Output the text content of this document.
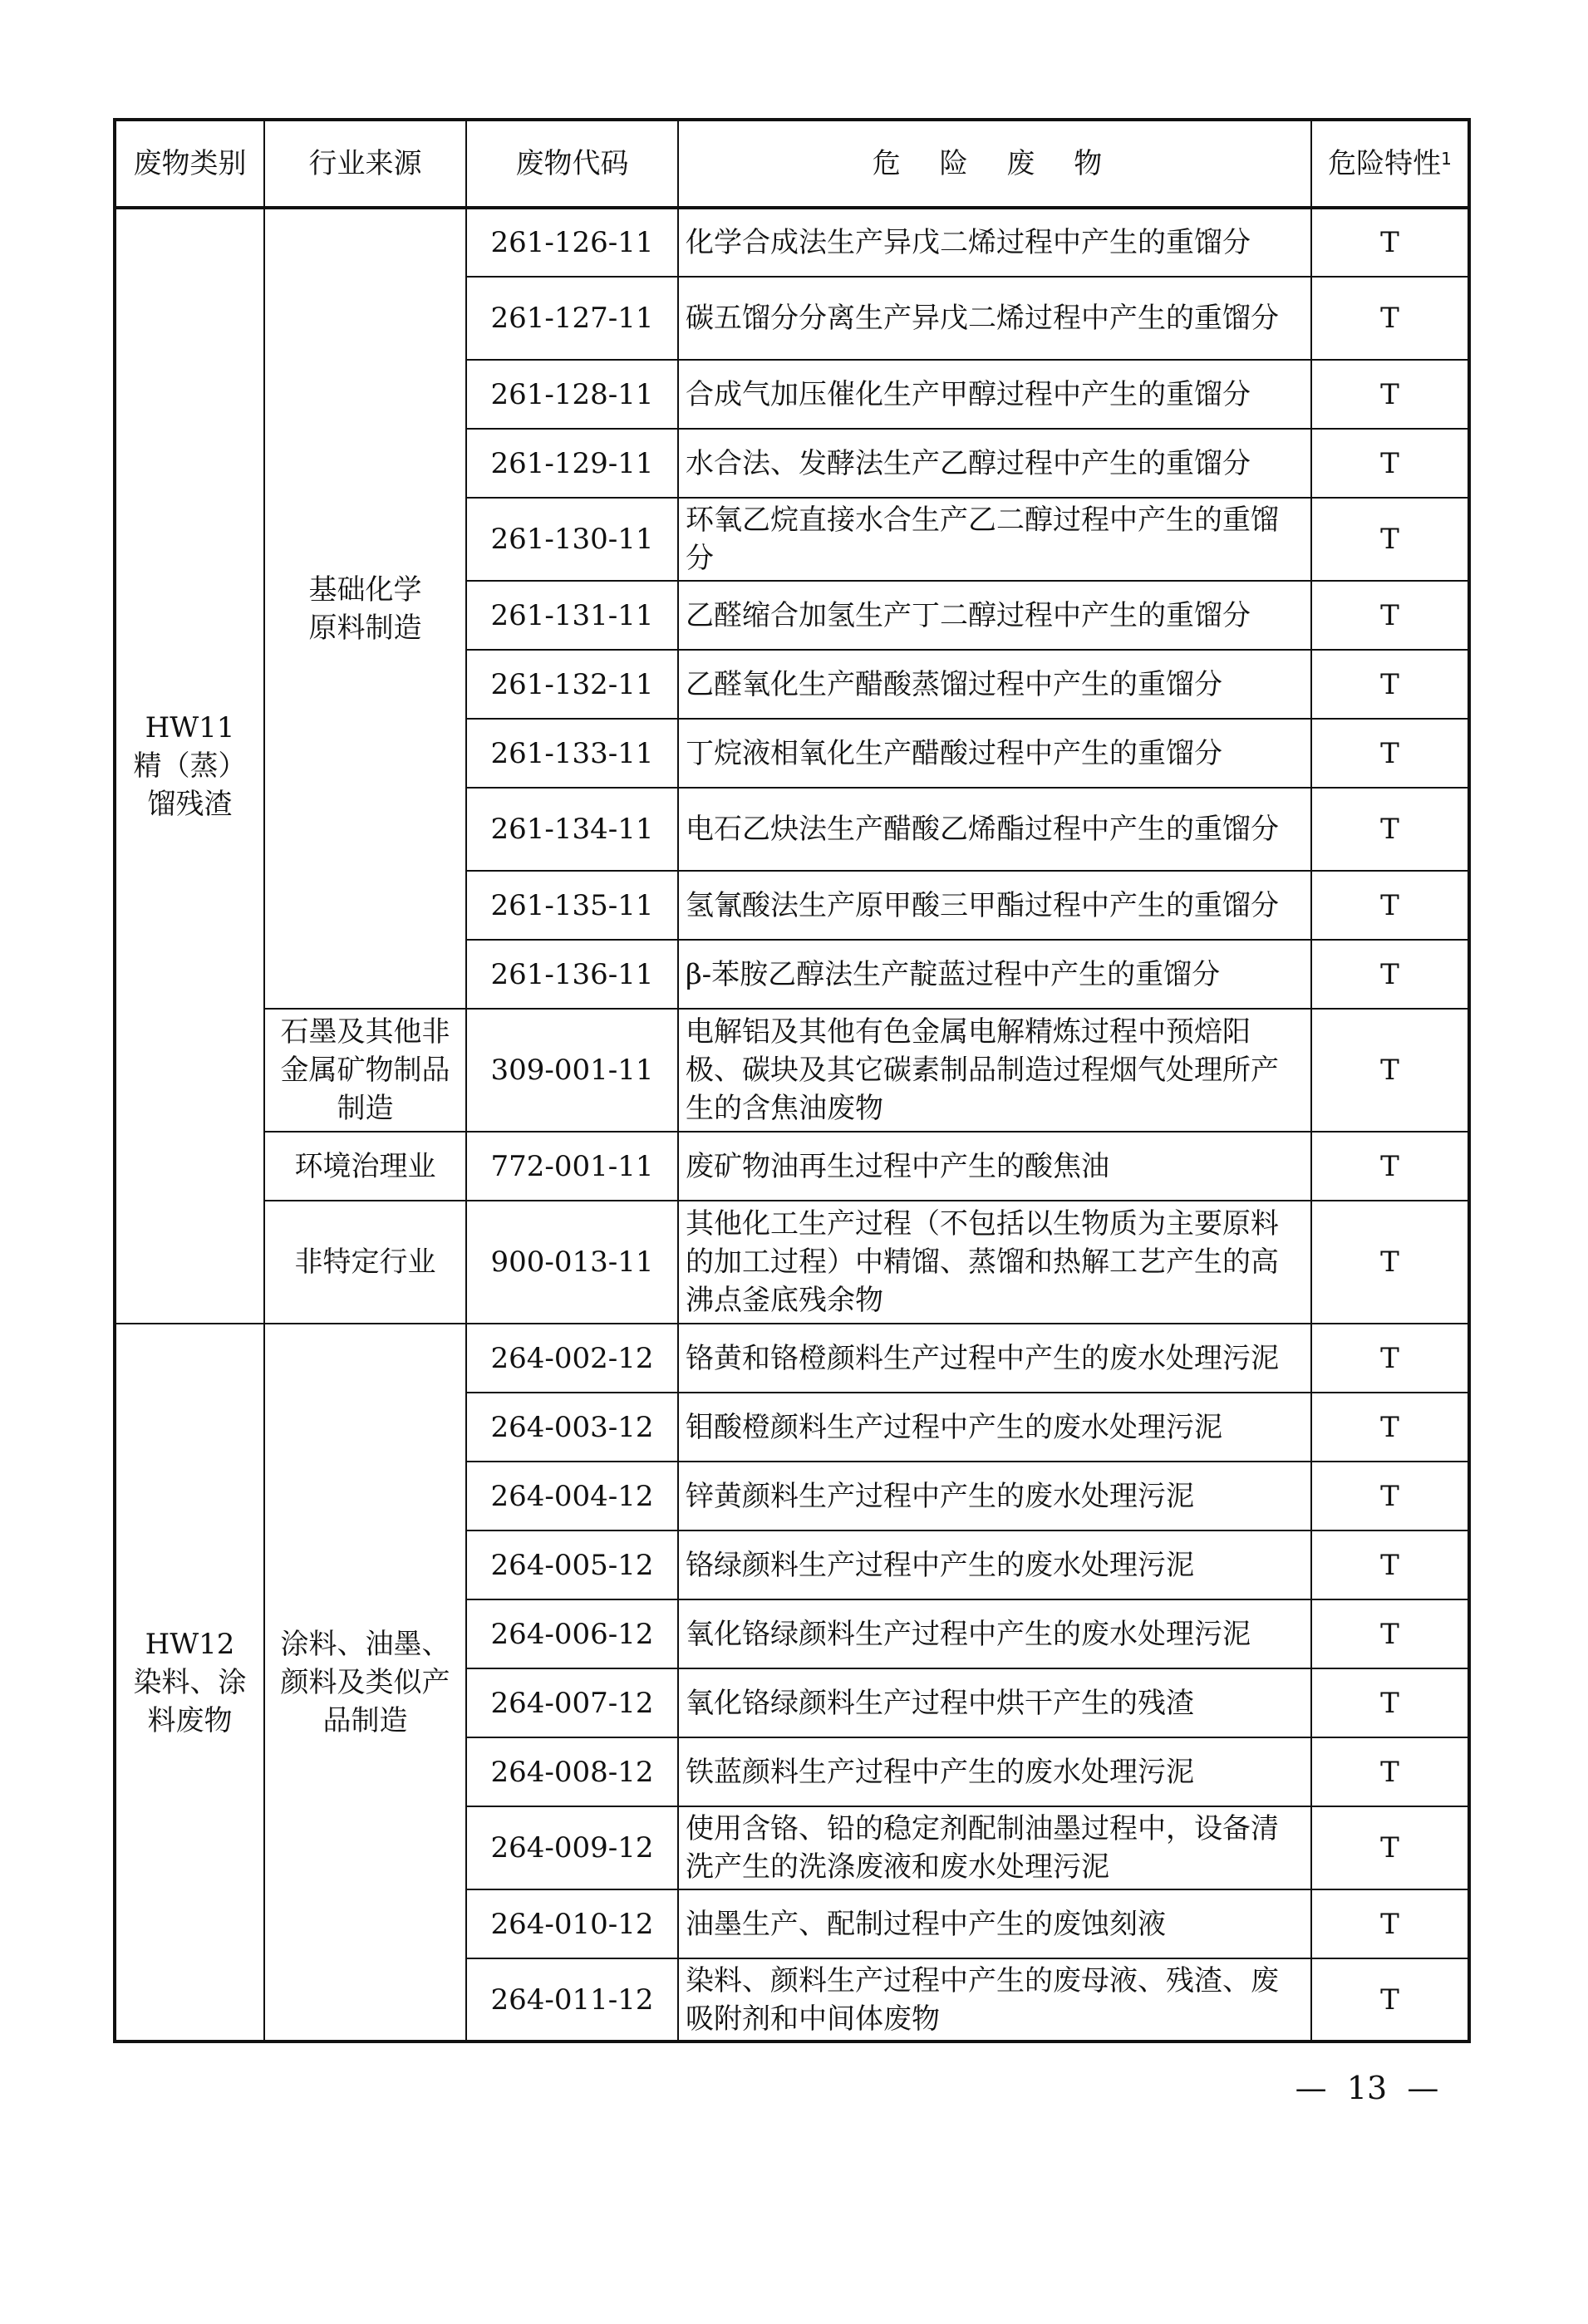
废物类别	行业来源	废物代码	危 险 废 物	危险特性$^1$

HW11
精（蒸）
馏残渣	基础化学原料制造	261-126-11	化学合成法生产异戊二烯过程中产生的重馏分	T
		261-127-11	碳五馏分分离生产异戊二烯过程中产生的重馏分	T
		261-128-11	合成气加压催化生产甲醇过程中产生的重馏分	T
		261-129-11	水合法、发酵法生产乙醇过程中产生的重馏分	T
		261-130-11	环氧乙烷直接水合生产乙二醇过程中产生的重馏分	T
		261-131-11	乙醛缩合加氢生产丁二醇过程中产生的重馏分	T
		261-132-11	乙醛氧化生产醋酸蒸馏过程中产生的重馏分	T
		261-133-11	丁烷液相氧化生产醋酸过程中产生的重馏分	T
		261-134-11	电石乙炔法生产醋酸乙烯酯过程中产生的重馏分	T
		261-135-11	氢氰酸法生产原甲酸三甲酯过程中产生的重馏分	T
		261-136-11	β-苯胺乙醇法生产靛蓝过程中产生的重馏分	T
	石墨及其他非金属矿物制品制造	309-001-11	电解铝及其他有色金属电解精炼过程中预焙阳极、碳块及其它碳素制品制造过程烟气处理所产生的含焦油废物	T
	环境治理业	772-001-11	废矿物油再生过程中产生的酸焦油	T
	非特定行业	900-013-11	其他化工生产过程（不包括以生物质为主要原料的加工过程）中精馏、蒸馏和热解工艺产生的高沸点釜底残余物	T

HW12
染料、涂
料废物	涂料、油墨、颜料及类似产品制造	264-002-12	铬黄和铬橙颜料生产过程中产生的废水处理污泥	T
		264-003-12	钼酸橙颜料生产过程中产生的废水处理污泥	T
		264-004-12	锌黄颜料生产过程中产生的废水处理污泥	T
		264-005-12	铬绿颜料生产过程中产生的废水处理污泥	T
		264-006-12	氧化铬绿颜料生产过程中产生的废水处理污泥	T
		264-007-12	氧化铬绿颜料生产过程中烘干产生的残渣	T
		264-008-12	铁蓝颜料生产过程中产生的废水处理污泥	T
		264-009-12	使用含铬、铅的稳定剂配制油墨过程中，设备清洗产生的洗涤废液和废水处理污泥	T
		264-010-12	油墨生产、配制过程中产生的废蚀刻液	T
		264-011-12	染料、颜料生产过程中产生的废母液、残渣、废吸附剂和中间体废物	T
— 13 —
